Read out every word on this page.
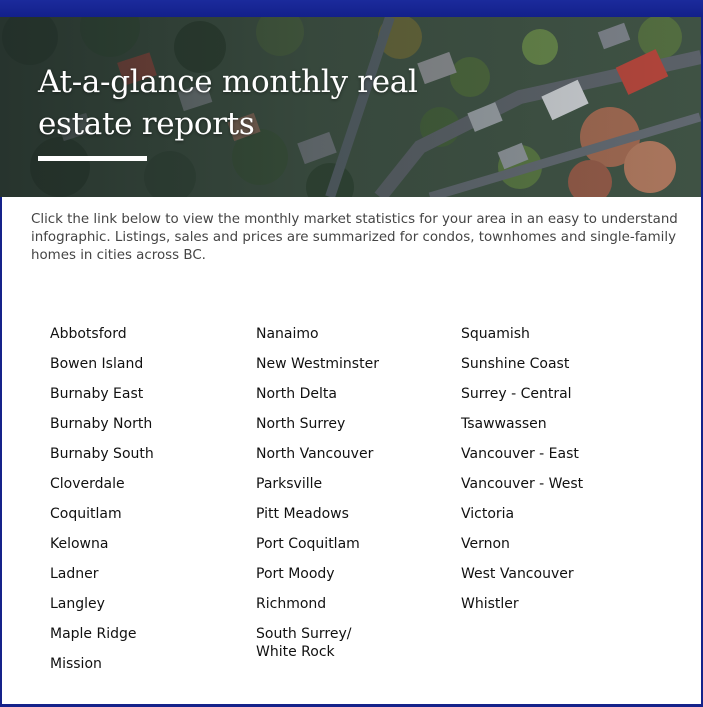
At-a-glance monthly real estate reports

Click the link below to view the monthly market statistics for your area in an easy to understand infographic. Listings, sales and prices are summarized for condos, townhomes and single-family homes in cities across BC.

Abbotsford
Bowen Island
Burnaby East
Burnaby North
Burnaby South
Cloverdale
Coquitlam
Kelowna
Ladner
Langley
Maple Ridge
Mission
Nanaimo
New Westminster
North Delta
North Surrey
North Vancouver
Parksville
Pitt Meadows
Port Coquitlam
Port Moody
Richmond
South Surrey/
White Rock
Squamish
Sunshine Coast
Surrey - Central
Tsawwassen
Vancouver - East
Vancouver - West
Victoria
Vernon
West Vancouver
Whistler
